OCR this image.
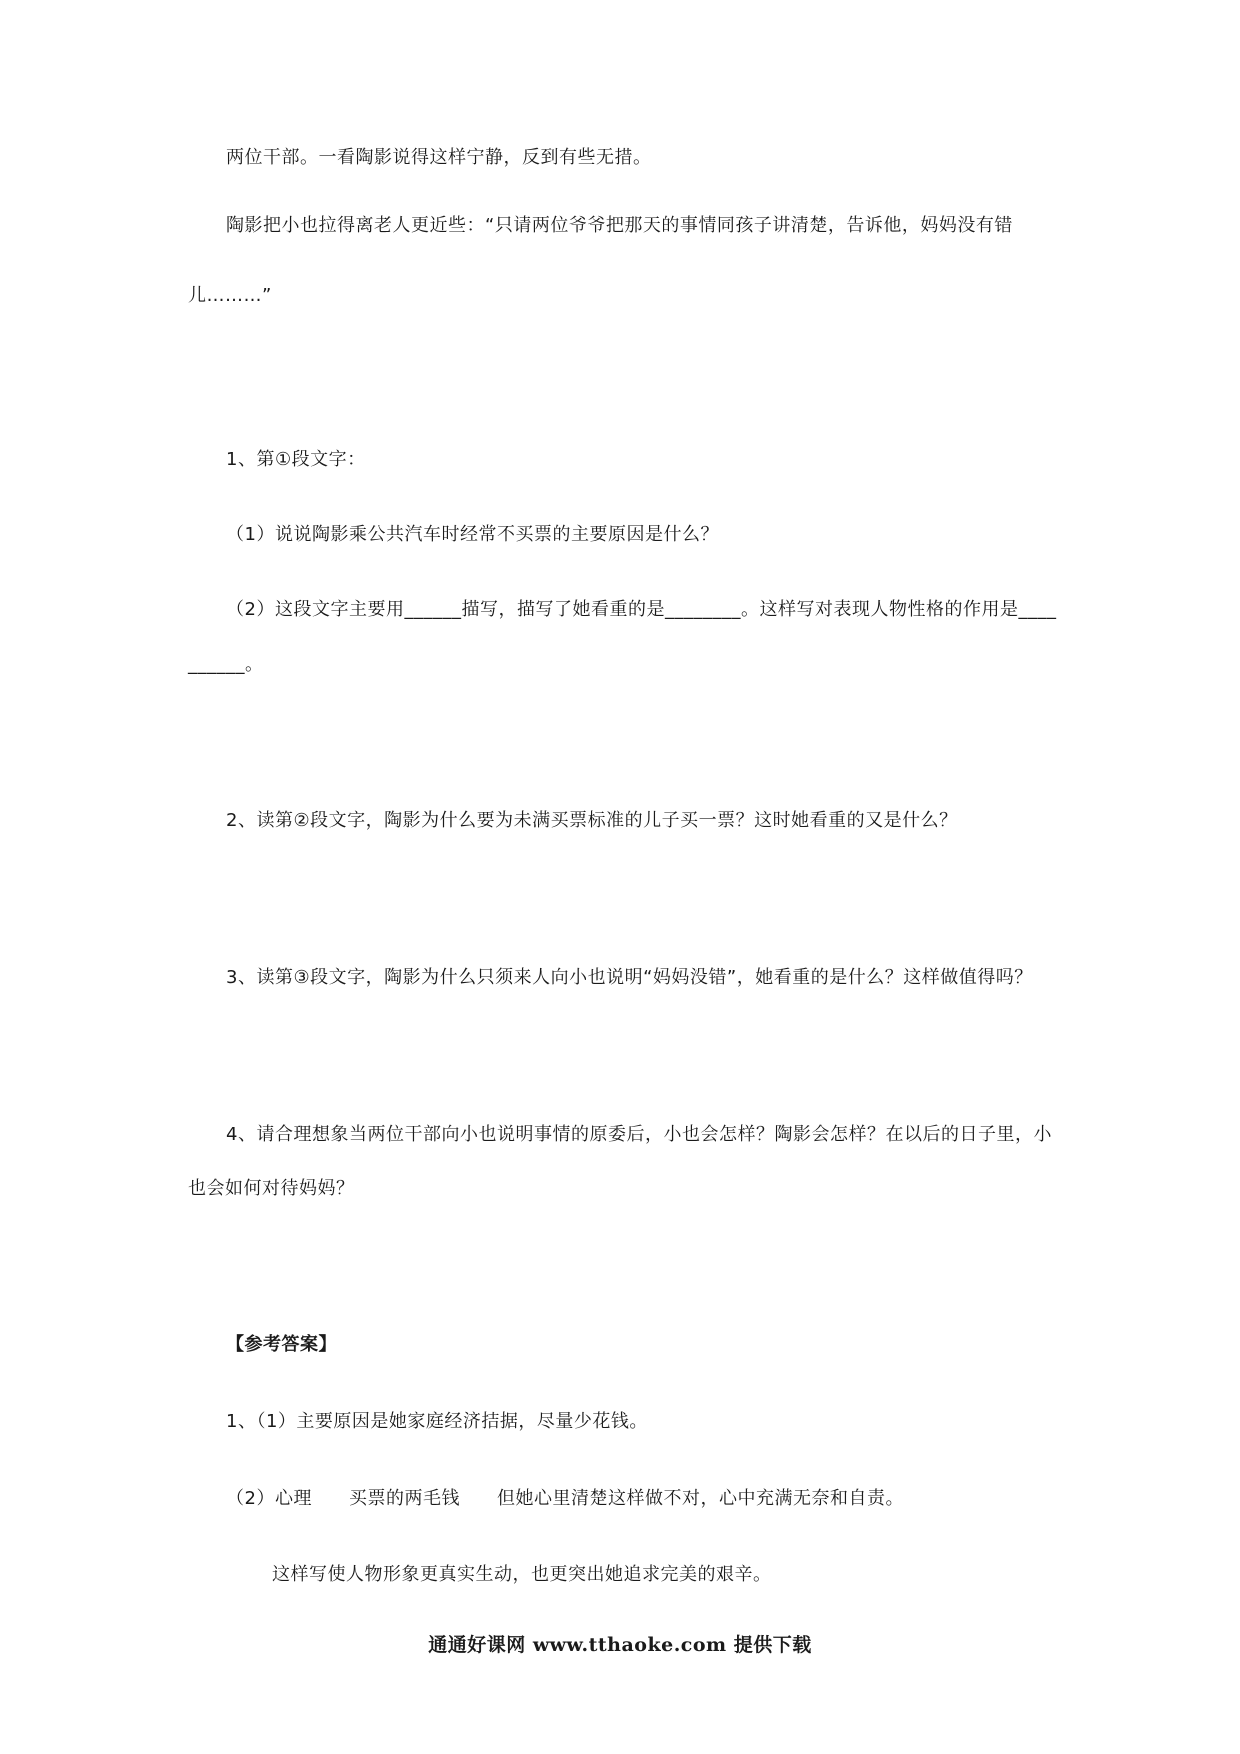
两位干部。一看陶影说得这样宁静，反到有些无措。
陶影把小也拉得离老人更近些：“只请两位爷爷把那天的事情同孩子讲清楚，告诉他，妈妈没有错
儿………”
1、第①段文字：
（1）说说陶影乘公共汽车时经常不买票的主要原因是什么？
（2）这段文字主要用______描写，描写了她看重的是________。这样写对表现人物性格的作用是____
______。
2、读第②段文字，陶影为什么要为未满买票标准的儿子买一票？这时她看重的又是什么？
3、读第③段文字，陶影为什么只须来人向小也说明“妈妈没错”，她看重的是什么？这样做值得吗？
4、请合理想象当两位干部向小也说明事情的原委后，小也会怎样？陶影会怎样？在以后的日子里，小
也会如何对待妈妈？
【参考答案】
1、（1）主要原因是她家庭经济拮据，尽量少花钱。
（2）心理　　买票的两毛钱　　但她心里清楚这样做不对，心中充满无奈和自责。
这样写使人物形象更真实生动，也更突出她追求完美的艰辛。
通通好课网 www.tthaoke.com 提供下载
